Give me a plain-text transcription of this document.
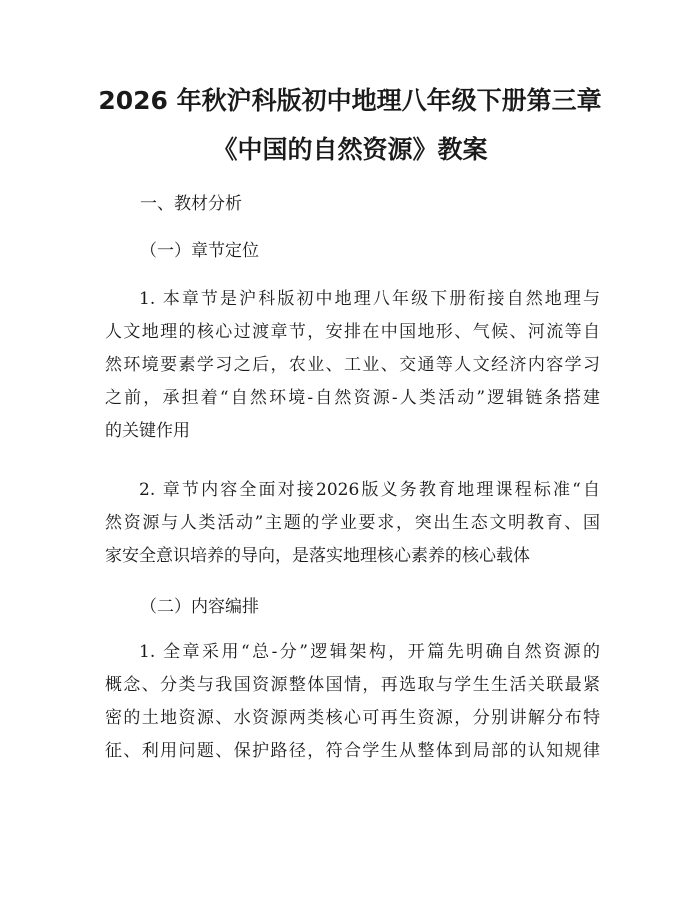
2026 年秋沪科版初中地理八年级下册第三章
《中国的自然资源》教案
一、教材分析
（一）章节定位
1. 本章节是沪科版初中地理八年级下册衔接自然地理与
人文地理的核心过渡章节，安排在中国地形、气候、河流等自
然环境要素学习之后，农业、工业、交通等人文经济内容学习
之前，承担着“自然环境-自然资源-人类活动”逻辑链条搭建
的关键作用
2. 章节内容全面对接2026版义务教育地理课程标准“自
然资源与人类活动”主题的学业要求，突出生态文明教育、国
家安全意识培养的导向，是落实地理核心素养的核心载体
（二）内容编排
1. 全章采用“总-分”逻辑架构，开篇先明确自然资源的
概念、分类与我国资源整体国情，再选取与学生生活关联最紧
密的土地资源、水资源两类核心可再生资源，分别讲解分布特
征、利用问题、保护路径，符合学生从整体到局部的认知规律
